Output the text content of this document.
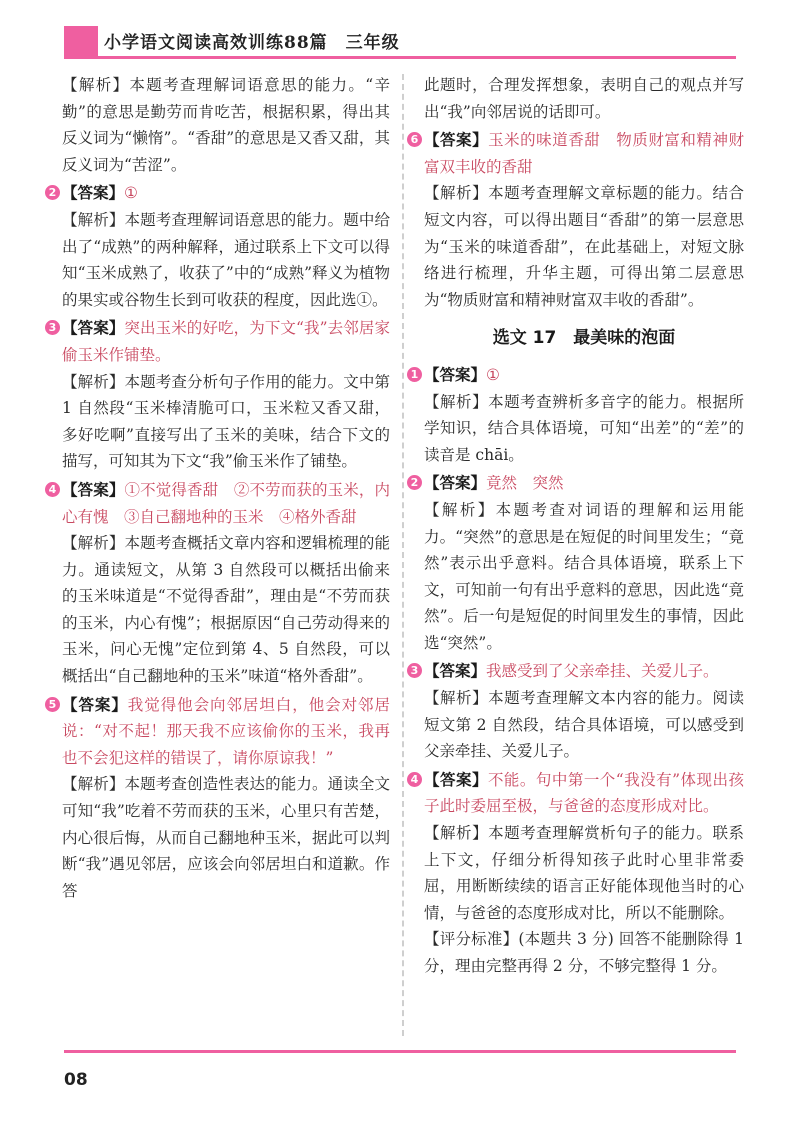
小学语文阅读高效训练88篇　三年级

【解析】本题考查理解词语意思的能力。“辛勤”的意思是勤劳而肯吃苦，根据积累，得出其反义词为“懒惰”。“香甜”的意思是又香又甜，其反义词为“苦涩”。

2 【答案】①

【解析】本题考查理解词语意思的能力。题中给出了“成熟”的两种解释，通过联系上下文可以得知“玉米成熟了，收获了”中的“成熟”释义为植物的果实或谷物生长到可收获的程度，因此选①。

3 【答案】突出玉米的好吃，为下文“我”去邻居家偷玉米作铺垫。

【解析】本题考查分析句子作用的能力。文中第 1 自然段“玉米棒清脆可口，玉米粒又香又甜，多好吃啊”直接写出了玉米的美味，结合下文的描写，可知其为下文“我”偷玉米作了铺垫。

4 【答案】①不觉得香甜　②不劳而获的玉米，内心有愧　③自己翻地种的玉米　④格外香甜

【解析】本题考查概括文章内容和逻辑梳理的能力。通读短文，从第 3 自然段可以概括出偷来的玉米味道是“不觉得香甜”，理由是“不劳而获的玉米，内心有愧”；根据原因“自己劳动得来的玉米，问心无愧”定位到第 4、5 自然段，可以概括出“自己翻地种的玉米”味道“格外香甜”。

5 【答案】我觉得他会向邻居坦白，他会对邻居说：“对不起！那天我不应该偷你的玉米，我再也不会犯这样的错误了，请你原谅我！”

【解析】本题考查创造性表达的能力。通读全文可知“我”吃着不劳而获的玉米，心里只有苦楚，内心很后悔，从而自己翻地种玉米，据此可以判断“我”遇见邻居，应该会向邻居坦白和道歉。作答

此题时，合理发挥想象，表明自己的观点并写出“我”向邻居说的话即可。

6 【答案】玉米的味道香甜　物质财富和精神财富双丰收的香甜

【解析】本题考查理解文章标题的能力。结合短文内容，可以得出题目“香甜”的第一层意思为“玉米的味道香甜”，在此基础上，对短文脉络进行梳理，升华主题，可得出第二层意思为“物质财富和精神财富双丰收的香甜”。

选文 17　最美味的泡面
1 【答案】①

【解析】本题考查辨析多音字的能力。根据所学知识，结合具体语境，可知“出差”的“差”的读音是 chāi。

2 【答案】竟然　突然

【解析】本题考查对词语的理解和运用能力。“突然”的意思是在短促的时间里发生；“竟然”表示出乎意料。结合具体语境，联系上下文，可知前一句有出乎意料的意思，因此选“竟然”。后一句是短促的时间里发生的事情，因此选“突然”。

3 【答案】我感受到了父亲牵挂、关爱儿子。

【解析】本题考查理解文本内容的能力。阅读短文第 2 自然段，结合具体语境，可以感受到父亲牵挂、关爱儿子。

4 【答案】不能。句中第一个“我没有”体现出孩子此时委屈至极，与爸爸的态度形成对比。

【解析】本题考查理解赏析句子的能力。联系上下文，仔细分析得知孩子此时心里非常委屈，用断断续续的语言正好能体现他当时的心情，与爸爸的态度形成对比，所以不能删除。

【评分标准】(本题共 3 分) 回答不能删除得 1 分，理由完整再得 2 分，不够完整得 1 分。

08
